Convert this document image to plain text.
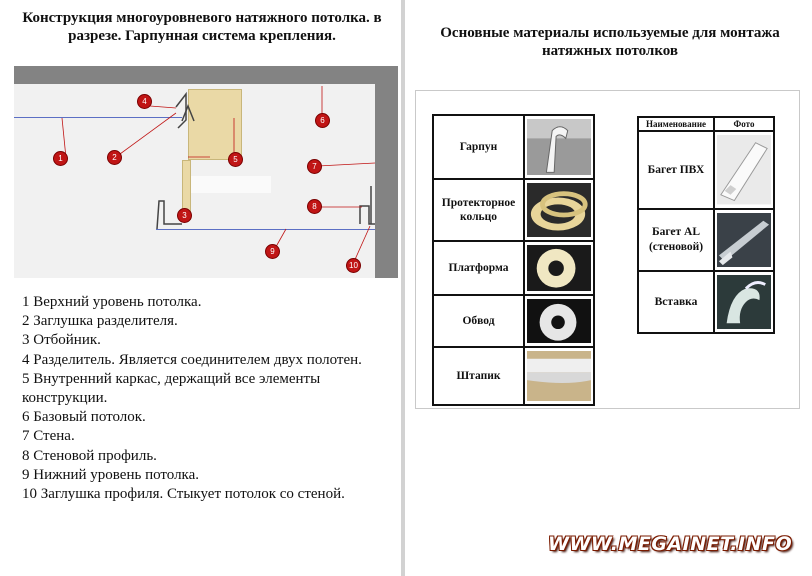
Конструкция многоуровневого натяжного потолка. в разрезе. Гарпунная система крепления.
1	2
3
4
5
6
7
8
9
10
1 Верхний уровень потолка.
2 Заглушка разделителя.
3 Отбойник.
4 Разделитель. Является соединителем двух полотен.
5 Внутренний каркас, держащий все элементы конструкции.
6 Базовый потолок.
7 Стена.
8 Стеновой профиль.
9 Нижний уровень потолка.
10 Заглушка профиля. Стыкует потолок со стеной.
Основные материалы используемые для монтажа натяжных потолков
Гарпун	

Протекторное кольцо	

Платформа	

Обвод	

Штапик	
Наименование	Фото
Багет ПВХ	

Багет AL (стеновой)	

Вставка	
WWW.MEGAINET.INFO
